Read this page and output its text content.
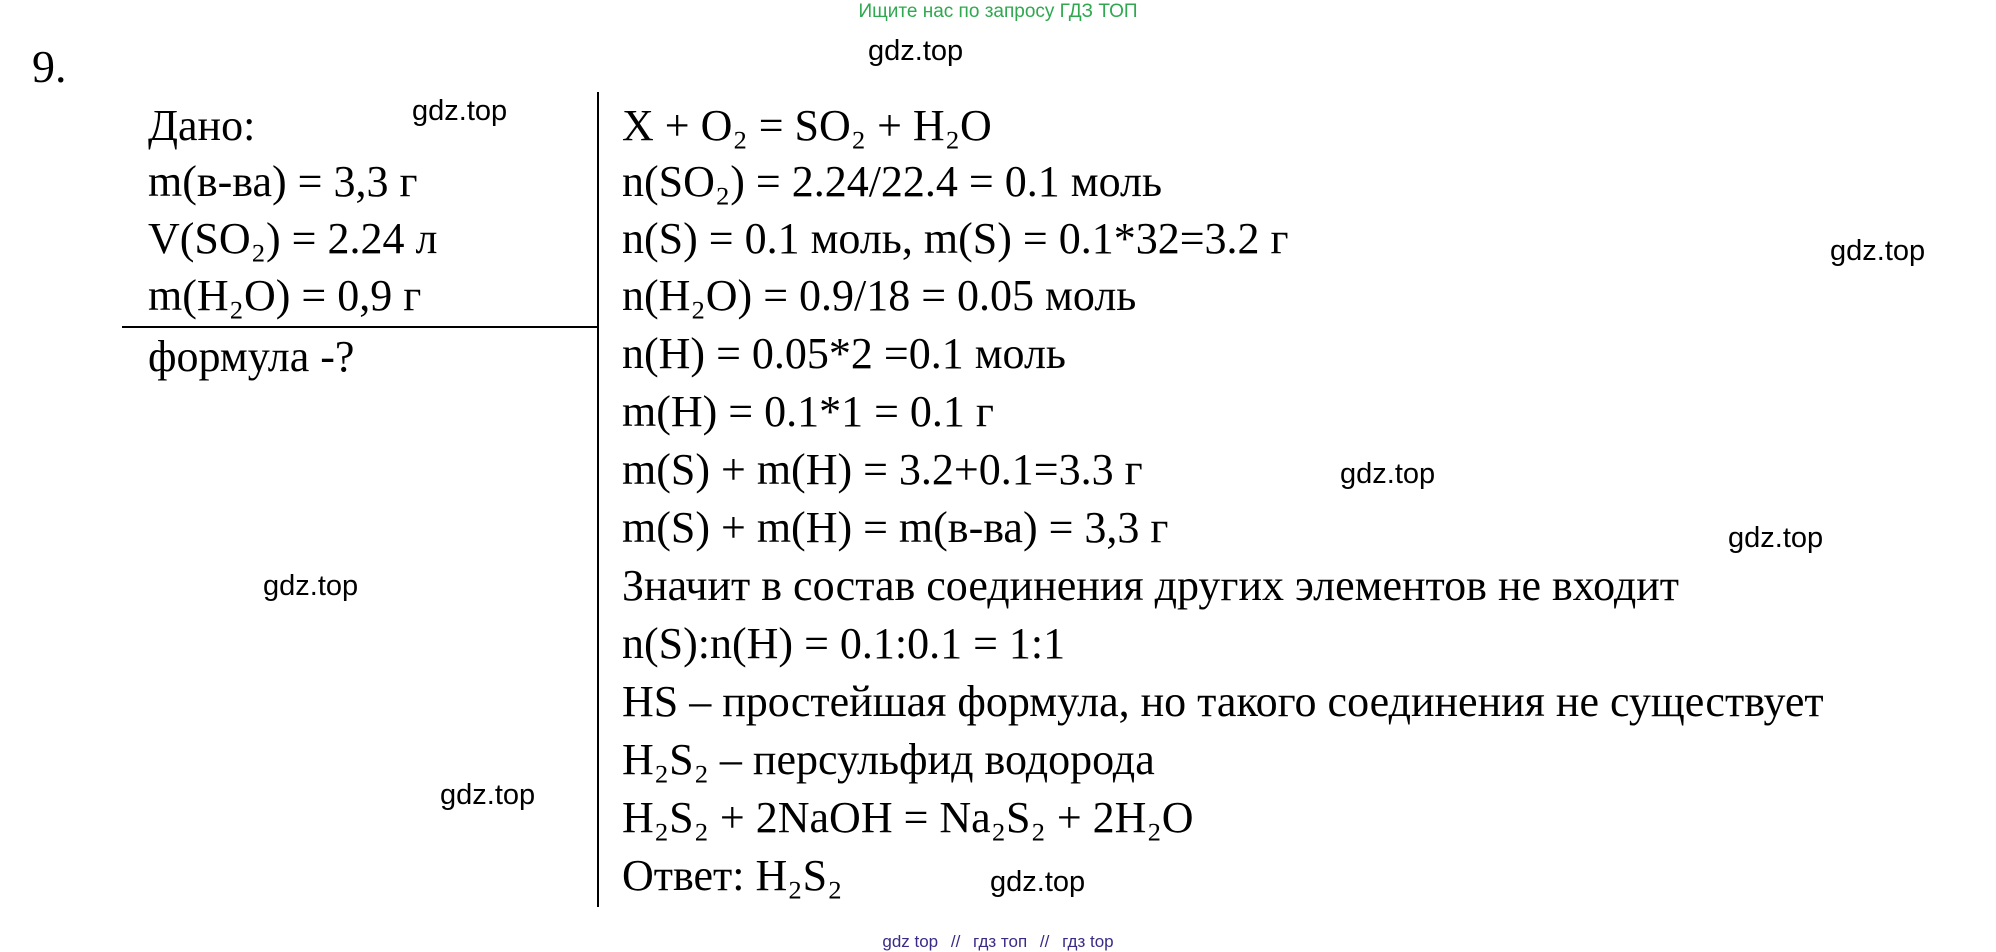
Ищите нас по запросу ГДЗ ТОП
9.
Дано:
m(в-ва) = 3,3 г
V(SO₂) = 2.24 л
m(H₂O) = 0,9 г
формула -?
X + O₂ = SO₂ + H₂O
n(SO₂) = 2.24/22.4 = 0.1 моль
n(S) = 0.1 моль, m(S) = 0.1*32=3.2 г
n(H₂O) = 0.9/18 = 0.05 моль
n(H) = 0.05*2 =0.1 моль
m(H) = 0.1*1 = 0.1 г
m(S) + m(H) = 3.2+0.1=3.3 г
m(S) + m(H) = m(в-ва) = 3,3 г
Значит в состав соединения других элементов не входит
n(S):n(H) = 0.1:0.1 = 1:1
HS – простейшая формула, но такого соединения не существует
H₂S₂ – персульфид водорода
H₂S₂ + 2NaOH = Na₂S₂ + 2H₂O
Ответ: H₂S₂
gdz.top
gdz.top
gdz.top
gdz.top
gdz.top
gdz.top
gdz.top
gdz.top
gdz top // гдз топ // гдз top
